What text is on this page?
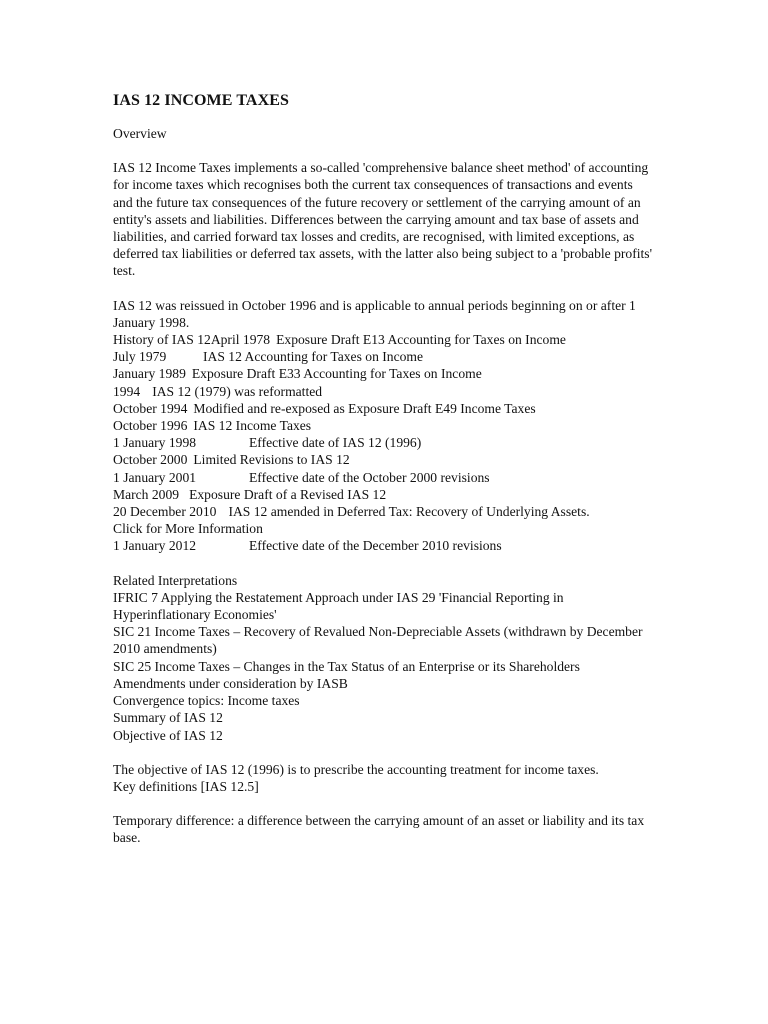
IAS 12 INCOME TAXES

Overview

IAS 12 Income Taxes implements a so-called 'comprehensive balance sheet method' of accounting for income taxes which recognises both the current tax consequences of transactions and events and the future tax consequences of the future recovery or settlement of the carrying amount of an entity's assets and liabilities. Differences between the carrying amount and tax base of assets and liabilities, and carried forward tax losses and credits, are recognised, with limited exceptions, as deferred tax liabilities or deferred tax assets, with the latter also being subject to a 'probable profits' test.

IAS 12 was reissued in October 1996 and is applicable to annual periods beginning on or after 1 January 1998.

History of IAS 12April 1978 Exposure Draft E13 Accounting for Taxes on Income
July 1979	IAS 12 Accounting for Taxes on Income
January 1989 Exposure Draft E33 Accounting for Taxes on Income
1994 IAS 12 (1979) was reformatted
October 1994 Modified and re-exposed as Exposure Draft E49 Income Taxes
October 1996 IAS 12 Income Taxes
1 January 1998	Effective date of IAS 12 (1996)
October 2000 Limited Revisions to IAS 12
1 January 2001	Effective date of the October 2000 revisions
March 2009 Exposure Draft of a Revised IAS 12
20 December 2010 IAS 12 amended in Deferred Tax: Recovery of Underlying Assets.
Click for More Information
1 January 2012	Effective date of the December 2010 revisions

Related Interpretations

IFRIC 7 Applying the Restatement Approach under IAS 29 'Financial Reporting in Hyperinflationary Economies'

SIC 21 Income Taxes – Recovery of Revalued Non-Depreciable Assets (withdrawn by December 2010 amendments)

SIC 25 Income Taxes – Changes in the Tax Status of an Enterprise or its Shareholders

Amendments under consideration by IASB

Convergence topics: Income taxes

Summary of IAS 12

Objective of IAS 12

The objective of IAS 12 (1996) is to prescribe the accounting treatment for income taxes.

Key definitions [IAS 12.5]

Temporary difference: a difference between the carrying amount of an asset or liability and its tax base.
